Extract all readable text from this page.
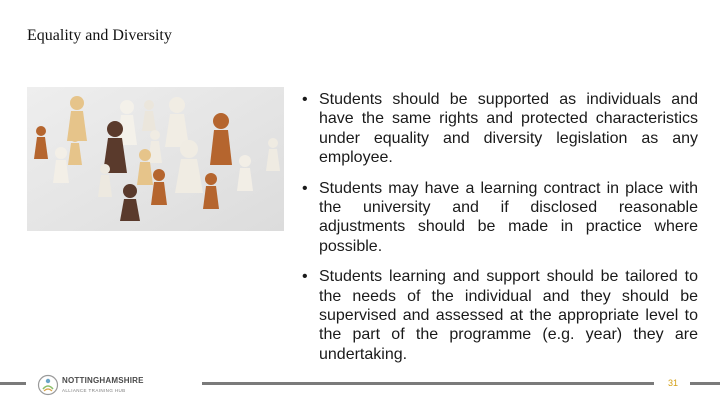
Equality and Diversity
• Students should be supported as individuals and have the same rights and protected characteristics under equality and diversity legislation as any employee.
• Students may have a learning contract in place with the university and if disclosed reasonable adjustments should be made in practice where possible.
• Students learning and support should be tailored to the needs of the individual and they should be supervised and assessed at the appropriate level to the part of the programme (e.g. year) they are undertaking.
NOTTINGHAMSHIRE
ALLIANCE TRAINING HUB
31
